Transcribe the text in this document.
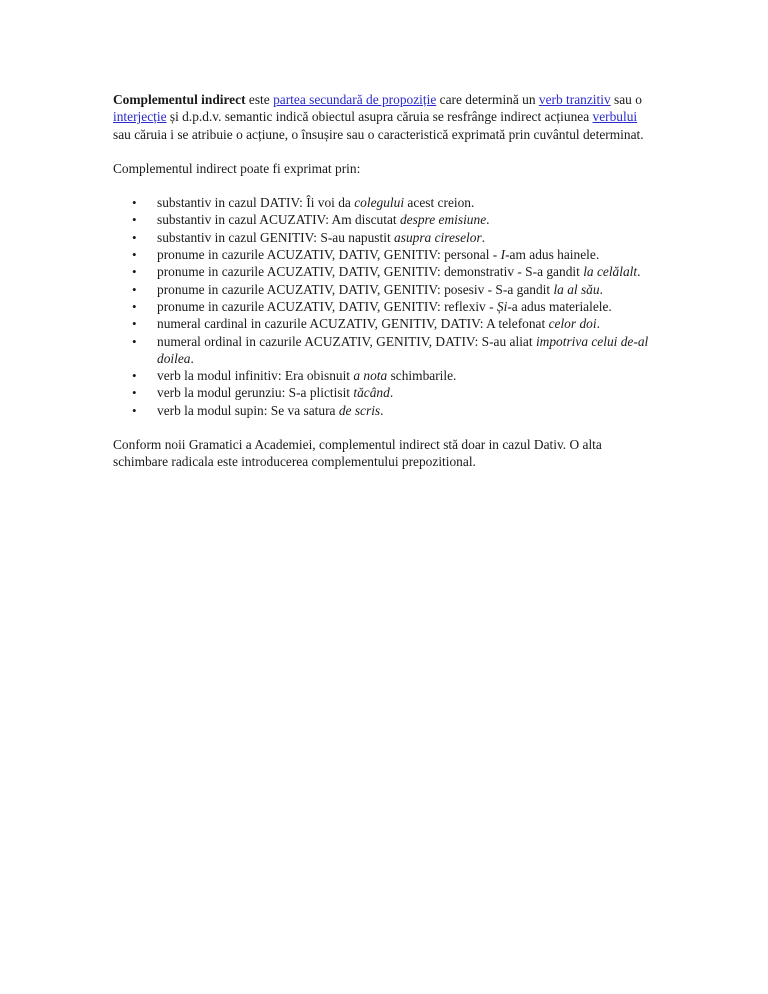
Complementul indirect este partea secundară de propoziție care determină un verb tranzitiv sau o interjecție și d.p.d.v. semantic indică obiectul asupra căruia se resfrânge indirect acțiunea verbului sau căruia i se atribuie o acțiune, o însușire sau o caracteristică exprimată prin cuvântul determinat.

Complementul indirect poate fi exprimat prin:

• substantiv in cazul DATIV: Îi voi da colegului acest creion.
• substantiv in cazul ACUZATIV: Am discutat despre emisiune.
• substantiv in cazul GENITIV: S-au napustit asupra cireselor.
• pronume in cazurile ACUZATIV, DATIV, GENITIV: personal - I-am adus hainele.
• pronume in cazurile ACUZATIV, DATIV, GENITIV: demonstrativ - S-a gandit la celălalt.
• pronume in cazurile ACUZATIV, DATIV, GENITIV: posesiv - S-a gandit la al său.
• pronume in cazurile ACUZATIV, DATIV, GENITIV: reflexiv - Și-a adus materialele.
• numeral cardinal in cazurile ACUZATIV, GENITIV, DATIV: A telefonat celor doi.
• numeral ordinal in cazurile ACUZATIV, GENITIV, DATIV: S-au aliat impotriva celui de-al doilea.
• verb la modul infinitiv: Era obisnuit a nota schimbarile.
• verb la modul gerunziu: S-a plictisit tăcând.
• verb la modul supin: Se va satura de scris.

Conform noii Gramatici a Academiei, complementul indirect stă doar in cazul Dativ. O alta schimbare radicala este introducerea complementului prepozitional.
